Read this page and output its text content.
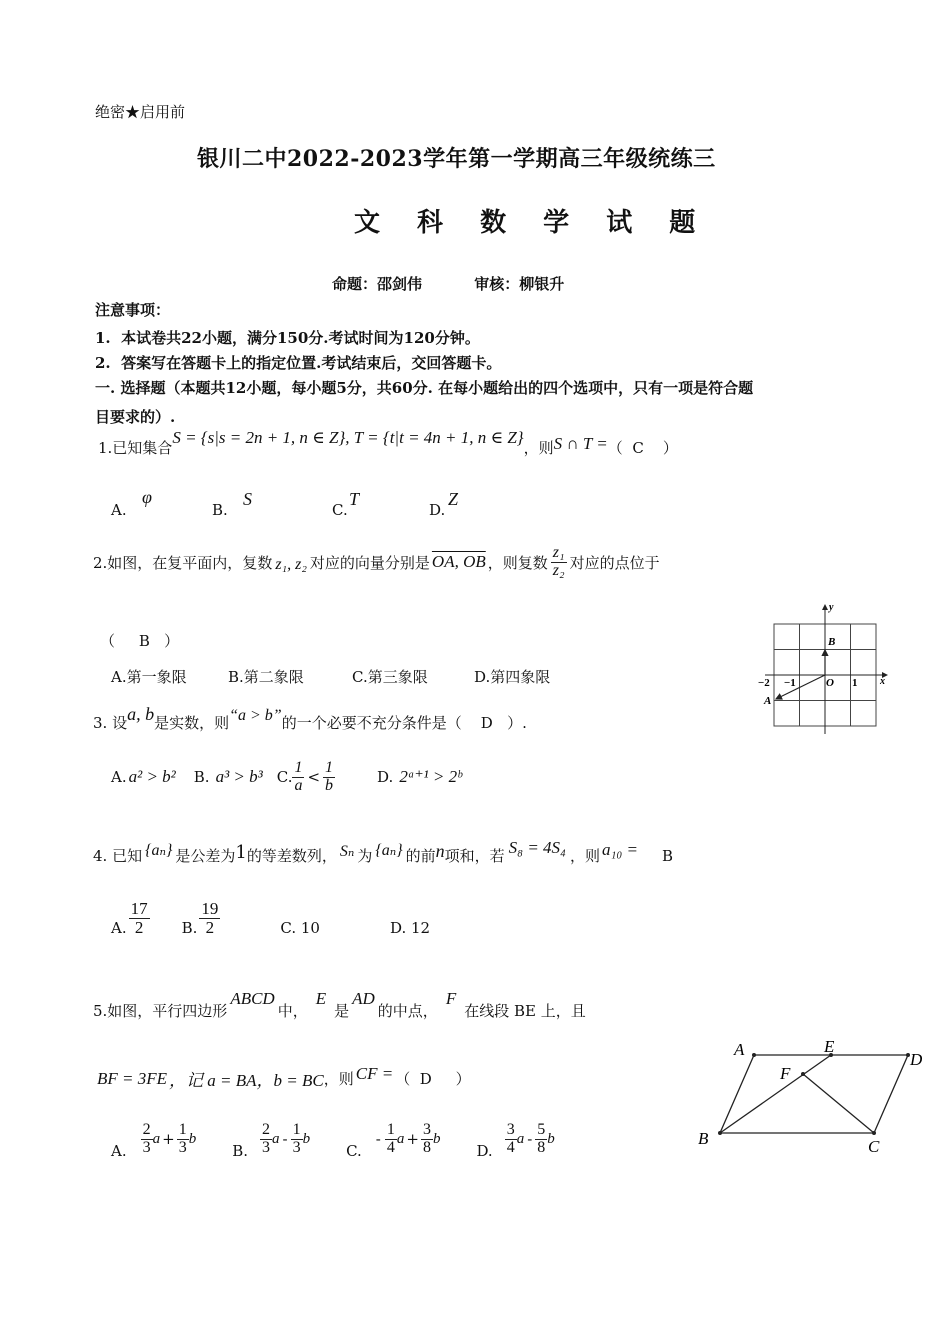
绝密★启用前
银川二中2022-2023学年第一学期高三年级统练三
文 科 数 学 试 题
命题：邵剑伟          审核：柳银升
注意事项：
1.  本试卷共22小题，满分150分.考试时间为120分钟。
2.  答案写在答题卡上的指定位置.考试结束后，交回答题卡。
一. 选择题（本题共12小题，每小题5分，共60分. 在每小题给出的四个选项中，只有一项是符合题
目要求的）.
1.已知集合S = {s|s = 2n + 1, n ∈ Z}, T = {t|t = 4n + 1, n ∈ Z}，则S ∩ T =（  C    ）
A.
φ
B.
S
C.
T
D.
Z
2.如图，在复平面内，复数 z₁, z₂ 对应的向量分别是 OA, OB ，则复数 $\frac{\text{z₁}}{\text{z₂}}$ 对应的点位于
（     B   ）
A.第一象限	B.第二象限	C.第三象限	D.第四象限
y
B
−2 −1	O 1 x
A
3. 设a, b是实数，则“a > b”的一个必要不充分条件是（    D   ）.
A. a² > b² B. a³ > b³ C. $\frac{1}{a} < \frac{1}{b}$	D. 2ᵃ⁺¹ > 2ᵇ
4. 已知 {aₙ} 是公差为 1 的等差数列， Sₙ 为 {aₙ} 的前 n 项和，若 S₈ = 4S₄ ，则 a₁₀ = B
A. $\frac{17}{2} B$. $\frac{19}{2}$	C. 10	D. 12
5.如图，平行四边形
ABCD
中，
E
是
AD
的中点，
F
在线段 BE 上，且
BF = 3FE ，记 a = BA ，b = BC ，则 CF = （  D     ）
A. $\frac{2}{3}$ $a + \frac{1}{3}$ b
B. $\frac{2}{3}$ a - $\frac{1}{3}$ b
C.
- $\frac{1}{4}$ $a + \frac{3}{8}$ b
D. $\frac{3}{4}$ a - $\frac{5}{8}$ b
A	E
D
F
B	C
